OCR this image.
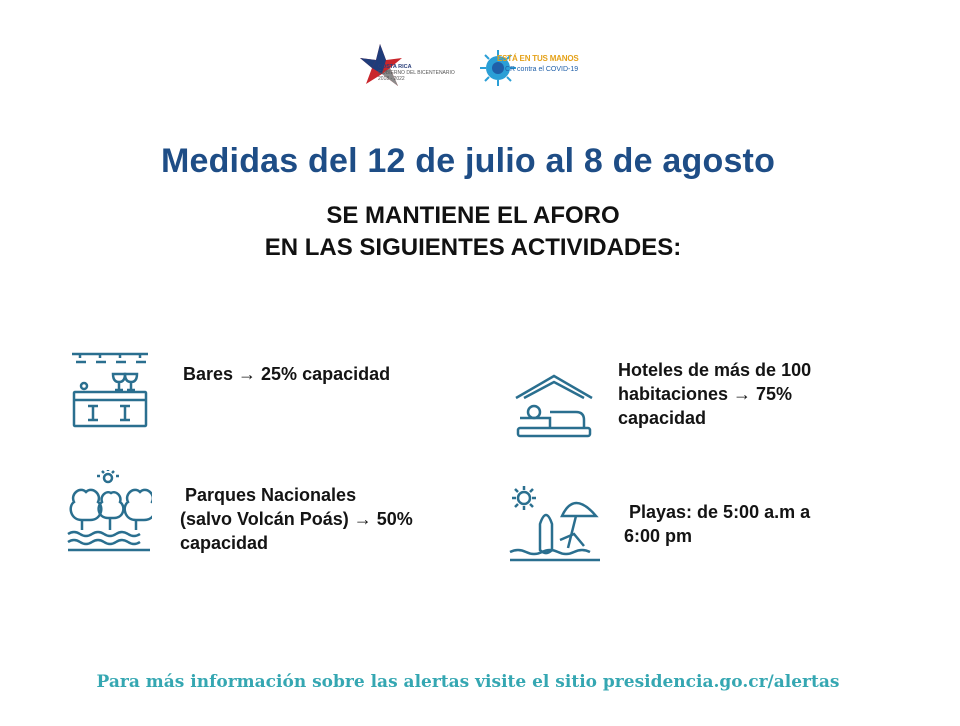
COSTA RICA
GOBIERNO DEL BICENTENARIO
2018 - 2022
ESTÁ EN TUS MANOS
CR contra el COVID-19
Medidas del 12 de julio al 8 de agosto
SE MANTIENE EL AFORO
EN LAS SIGUIENTES ACTIVIDADES:
Bares → 25% capacidad	Hoteles de más de 100
habitaciones → 75%
capacidad
Parques Nacionales
(salvo Volcán Poás) → 50%
capacidad
Playas: de 5:00 a.m a
6:00 pm
Para más información sobre las alertas visite el sitio presidencia.go.cr/alertas
